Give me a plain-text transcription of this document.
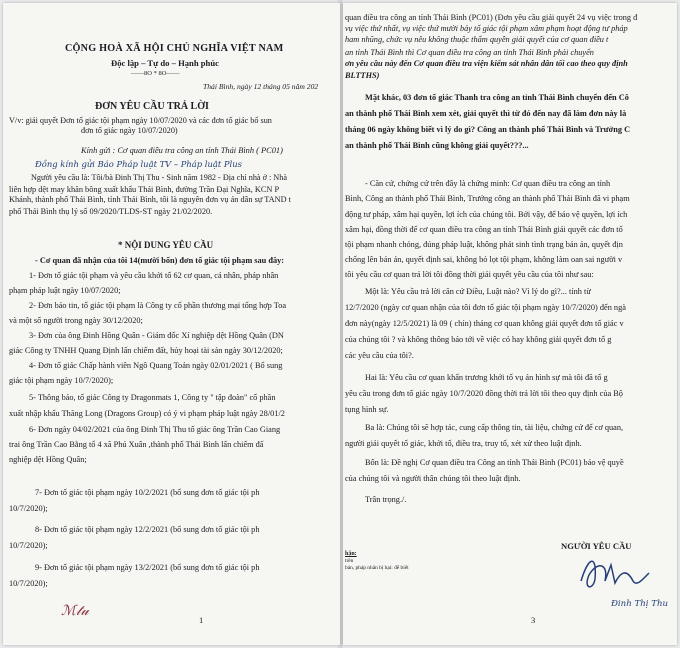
CỘNG HOÀ XÃ HỘI CHỦ NGHĨA VIỆT NAM
Độc lập – Tự do – Hạnh phúc
——8O * 8O——
Thái Bình, ngày 12 tháng 05 năm 202
ĐƠN YÊU CẦU TRẢ LỜI
V/v: giải quyết Đơn tố giác tội phạm ngày 10/07/2020 và các đơn tố giác bổ sun
đơn tố giác ngày 10/07/2020)
Kính gửi : Cơ quan điều tra công an tỉnh Thái Bình ( PC01)
Đồng kính gửi Báo Pháp luật TV – Pháp luật Plus
Người yêu cầu là: Tôi/bà Đinh Thị Thu - Sinh năm 1982 - Địa chỉ nhà ở : Nhà
liên hợp dệt may khăn bông xuất khẩu Thái Bình, đường Trần Đại Nghĩa, KCN P
Khánh, thành phố Thái Bình, tỉnh Thái Bình, tôi là nguyên đơn vụ án dân sự TAND t
phố Thái Bình thụ lý số 09/2020/TLDS-ST ngày 21/02/2020.
* NỘI DUNG YÊU CẦU
- Cơ quan đã nhận của tôi 14(mười bốn) đơn tố giác tội phạm sau đây:
1- Đơn tố giác tội phạm và yêu cầu khởi tố 62 cơ quan, cá nhân, pháp nhân
phạm pháp luật ngày 10/07/2020;
2- Đơn báo tin, tố giác tội phạm là Công ty cổ phần thương mại tổng hợp Toa
và một số người trong ngày 30/12/2020;
3- Đơn của ông Đinh Hồng Quân - Giám đốc Xí nghiệp dệt Hồng Quân (DN
giác Công ty TNHH Quang Định lấn chiếm đất, hủy hoại tài sản ngày 30/12/2020;
4- Đơn tố giác Chấp hành viên Ngô Quang Toản ngày 02/01/2021 ( Bổ sung
giác tội phạm ngày 10/7/2020);
5- Thông báo, tố giác Công ty Dragonmats 1, Công ty " tập đoàn" cố phần
xuất nhập khẩu Thăng Long (Dragons Group) có ý vi phạm pháp luật ngày 28/01/2
6- Đơn ngày 04/02/2021 của ông Đinh Thị Thu tố giác ông Trần Cao Giang
trai ông Trần Cao Bằng tổ 4 xã Phú Xuân ,thành phố Thái Bình lấn chiếm đấ
nghiệp dệt Hồng Quân;
7- Đơn tố giác tội phạm ngày 10/2/2021 (bổ sung đơn tố giác tội ph
10/7/2020);
8- Đơn tố giác tội phạm ngày 12/2/2021 (bổ sung đơn tố giác tội ph
10/7/2020);
9- Đơn tố giác tội phạm ngày 13/2/2021 (bổ sung đơn tố giác tội ph
10/7/2020);
ℳ𝓉𝓊
1
quan điều tra công an tỉnh Thái Bình (PC01) (Đơn yêu cầu giải quyết 24 vụ việc trong đ
vụ việc thứ nhất, vụ việc thứ mười bảy tố giác tội phạm xâm phạm hoạt động tư pháp
ham nhũng, chức vụ nêu không thuộc thẩm quyền giải quyết của cơ quan điều t
an tỉnh Thái Bình thì Cơ quan điều tra công an tỉnh Thái Bình phải chuyển
ơn yêu cầu này đến Cơ quan điều tra viện kiểm sát nhân dân tối cao theo quy định
BLTTHS)
Mặt khác, 03 đơn tố giác Thanh tra công an tỉnh Thái Bình chuyển đến Cô
an thành phố Thái Bình xem xét, giải quyết thì từ đó đến nay đã làm đơn này là
tháng 06 ngày không biết vì lý do gì? Công an thành phố Thái Bình và Trưởng C
an thành phố Thái Bình cũng không giải quyết???...
- Căn cứ, chứng cứ trên đây là chứng minh: Cơ quan điều tra công an tỉnh
Bình, Công an thành phố Thái Bình, Trưởng công an thành phố Thái Bình đã vi phạm
động tư pháp, xâm hại quyền, lợi ích của chúng tôi. Bởi vậy, để bảo vệ quyền, lợi ích
xâm hại, đồng thời để cơ quan điều tra công an tỉnh Thái Bình giải quyết các đơn tố
tội phạm nhanh chóng, đúng pháp luật, không phát sinh tình trạng bản án, quyết địn
chống lên bản án, quyết định sai, không bỏ lọt tội phạm, không làm oan sai người v
tôi yêu cầu cơ quan trả lời tôi đồng thời giải quyết yêu cầu của tôi như sau:
Một là: Yêu cầu trả lời căn cứ Điều, Luật nào? Vì lý do gì?... tính từ
12/7/2020 (ngày cơ quan nhận của tôi đơn tố giác tội phạm ngày 10/7/2020) đến ngà
đơn này(ngày 12/5/2021) là 09 ( chín) tháng cơ quan không giải quyết đơn tố giác v
của chúng tôi ? và không thông báo tới về việc có hay không giải quyết đơn tố g
các yêu cầu của tôi?.
Hai là: Yêu cầu cơ quan khẩn trương khởi tố vụ án hình sự mà tôi đã tố g
yêu cầu trong đơn tố giác ngày 10/7/2020 đồng thời trả lời tôi theo quy định của Bộ
tụng hình sự.
Ba là: Chúng tôi sẽ hợp tác, cung cấp thông tin, tài liệu, chứng cứ để cơ quan,
người giải quyết tố giác, khởi tố, điều tra, truy tố, xét xử theo luật định.
Bốn là: Đề nghị Cơ quan điều tra Công an tỉnh Thái Bình (PC01) bảo vệ quyề
của chúng tôi và người thân chúng tôi theo luật định.
Trân trọng./.
NGƯỜI YÊU CẦU
Đinh Thị Thu
hận:
trên
bản, pháp nhân bị hại: để biết
3
